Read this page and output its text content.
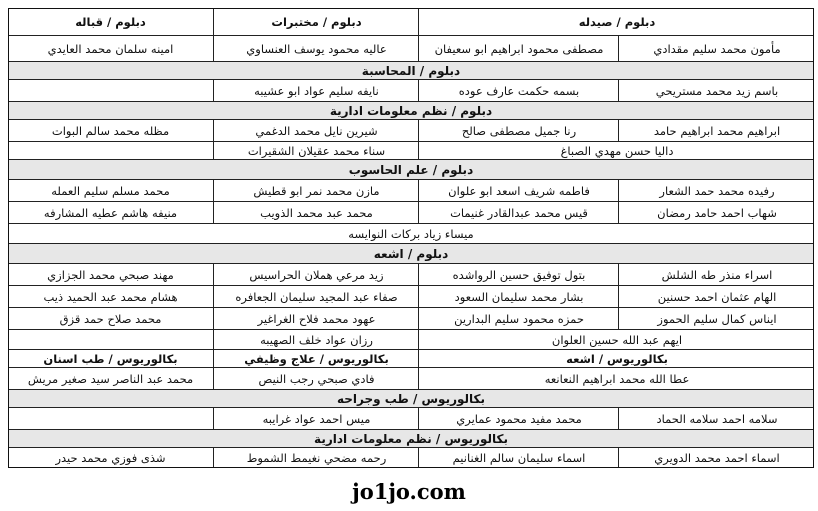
دبلوم / صيدله
دبلوم / مختبرات
دبلوم / قباله
مأمون محمد سليم مقدادي
مصطفى محمود ابراهيم ابو سعيفان
عاليه محمود يوسف العنساوي
امينه سلمان محمد العايدي
دبلوم / المحاسبة
باسم زيد محمد مستريحي
بسمه حكمت عارف عوده
نايفه سليم عواد ابو عشيبه
دبلوم / نظم معلومات ادارية
ابراهيم محمد ابراهيم حامد
رنا جميل مصطفى صالح
شيرين نايل محمد الدغمي
مظله محمد سالم البوات
داليا حسن مهدي الصباغ
سناء محمد عقيلان الشقيرات
دبلوم / علم الحاسوب
رفيده محمد حمد الشعار
فاطمه شريف اسعد ابو علوان
مازن محمد نمر ابو قطيش
محمد مسلم سليم العمله
شهاب احمد حامد رمضان
قيس محمد عبدالقادر غنيمات
محمد عبد محمد الذويب
منيفه هاشم عطيه المشارفه
ميساء زياد بركات النوايسه
دبلوم / اشعه
اسراء منذر طه الشلش
بتول توفيق حسين الرواشده
زيد مرعي هملان الحراسيس
مهند صبحي محمد الجزازي
الهام عثمان احمد حسنين
بشار محمد سليمان السعود
صفاء عبد المجيد سليمان الجعافره
هشام محمد عبد الحميد ذيب
ايناس كمال سليم الحموز
حمزه محمود سليم البدارين
عهود محمد فلاح الغراغير
محمد صلاح حمد قزق
ايهم عبد الله حسين العلوان
رزان عواد خلف الصهيبه
بكالوريوس / اشعه
بكالوريوس / علاج وظيفي
بكالوريوس / طب اسنان
عطا الله محمد ابراهيم النعانعه
فادي صبحي رجب النيص
محمد عبد الناصر سيد صغير مريش
بكالوريوس / طب وجراحه
سلامه احمد سلامه الحماد
محمد مفيد محمود عمايري
ميس احمد عواد غرايبه
بكالوريوس / نظم معلومات ادارية
اسماء احمد محمد الدويري
اسماء سليمان سالم الغنانيم
رحمه مضحي نغيمط الشموط
شذى فوزي محمد حيدر
jo1jo.com
